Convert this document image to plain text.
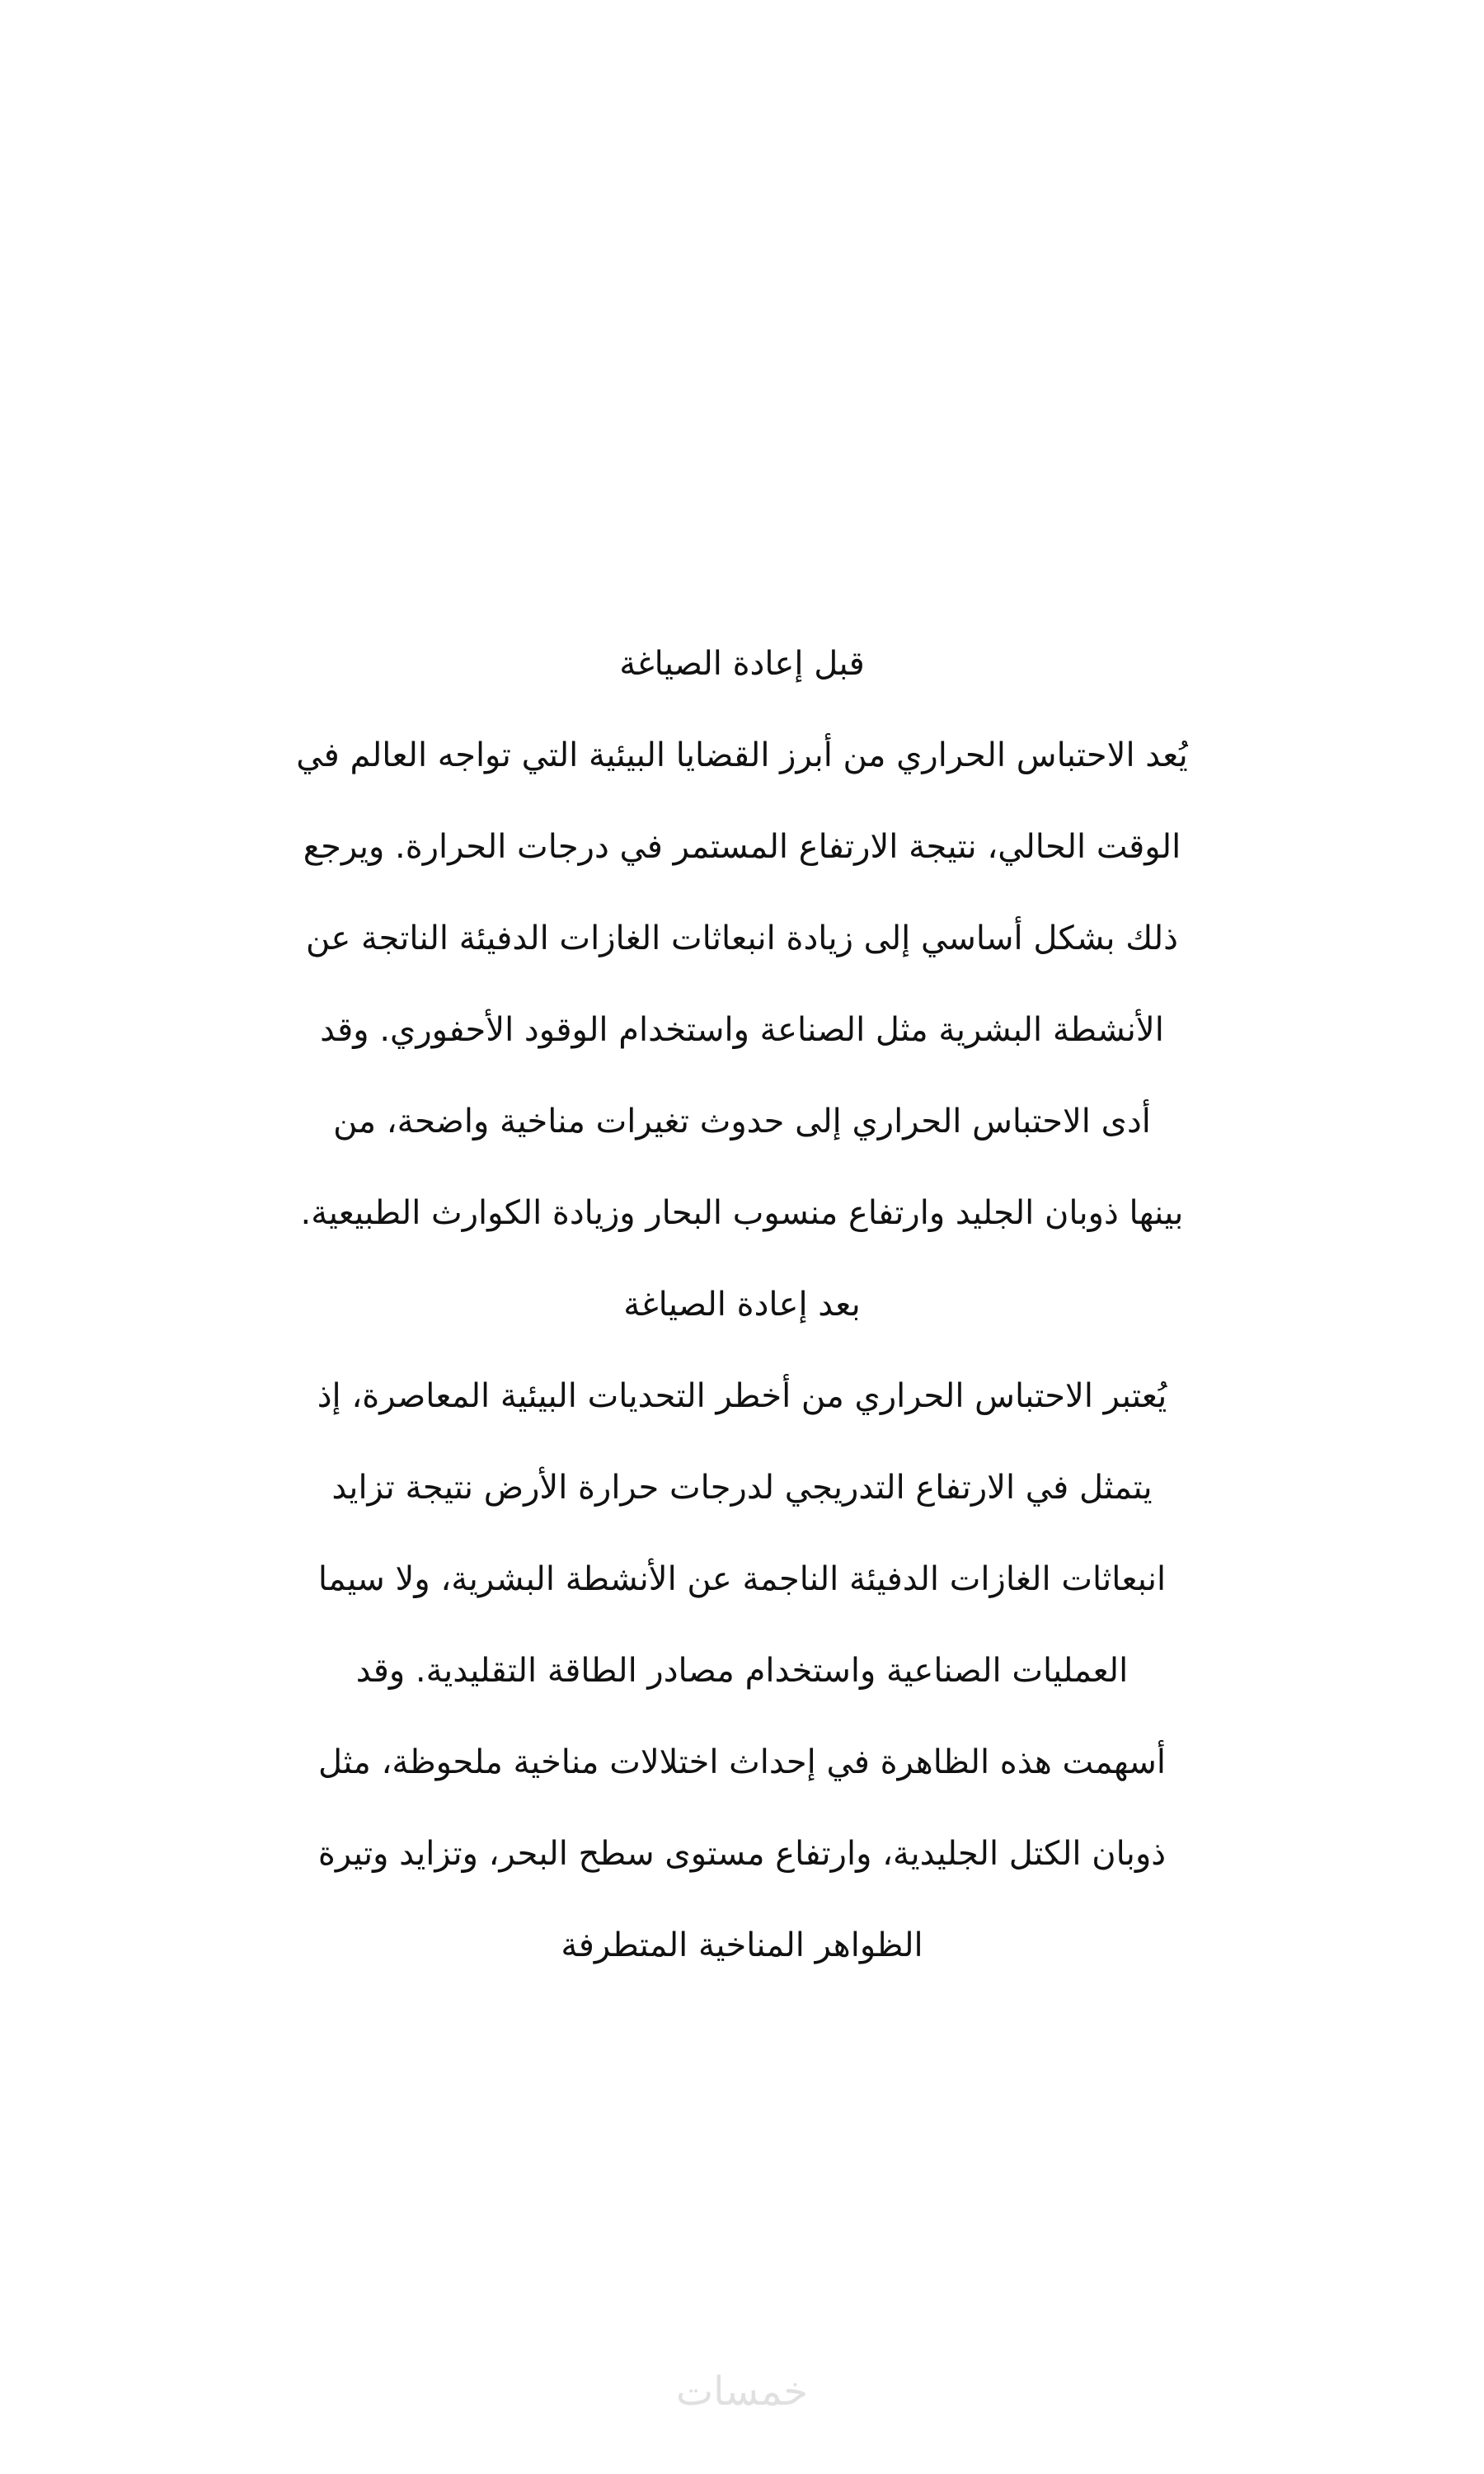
قبل إعادة الصياغة
يُعد الاحتباس الحراري من أبرز القضايا البيئية التي تواجه العالم في
الوقت الحالي، نتيجة الارتفاع المستمر في درجات الحرارة. ويرجع
ذلك بشكل أساسي إلى زيادة انبعاثات الغازات الدفيئة الناتجة عن
الأنشطة البشرية مثل الصناعة واستخدام الوقود الأحفوري. وقد
أدى الاحتباس الحراري إلى حدوث تغيرات مناخية واضحة، من
بينها ذوبان الجليد وارتفاع منسوب البحار وزيادة الكوارث الطبيعية.
بعد إعادة الصياغة
يُعتبر الاحتباس الحراري من أخطر التحديات البيئية المعاصرة، إذ
يتمثل في الارتفاع التدريجي لدرجات حرارة الأرض نتيجة تزايد
انبعاثات الغازات الدفيئة الناجمة عن الأنشطة البشرية، ولا سيما
العمليات الصناعية واستخدام مصادر الطاقة التقليدية. وقد
أسهمت هذه الظاهرة في إحداث اختلالات مناخية ملحوظة، مثل
ذوبان الكتل الجليدية، وارتفاع مستوى سطح البحر، وتزايد وتيرة
الظواهر المناخية المتطرفة
خمسات
